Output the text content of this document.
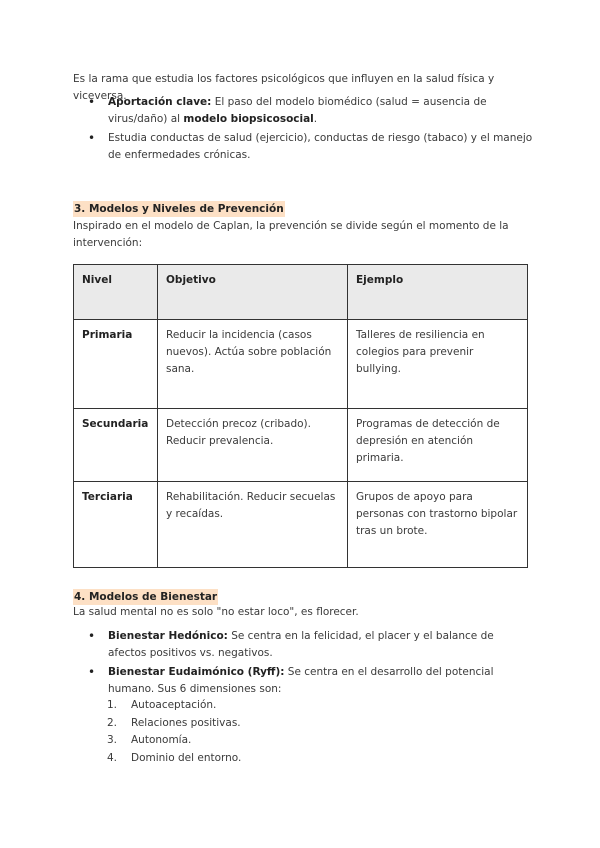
Es la rama que estudia los factores psicológicos que influyen en la salud física y viceversa.

• Aportación clave: El paso del modelo biomédico (salud = ausencia de virus/daño) al modelo biopsicosocial.
• Estudia conductas de salud (ejercicio), conductas de riesgo (tabaco) y el manejo de enfermedades crónicas.
3. Modelos y Niveles de Prevención

Inspirado en el modelo de Caplan, la prevención se divide según el momento de la intervención:

Nivel	Objetivo	Ejemplo
Primaria	Reducir la incidencia (casos nuevos). Actúa sobre población sana.	Talleres de resiliencia en colegios para prevenir bullying.
Secundaria	Detección precoz (cribado). Reducir prevalencia.	Programas de detección de depresión en atención primaria.
Terciaria	Rehabilitación. Reducir secuelas y recaídas.	Grupos de apoyo para personas con trastorno bipolar tras un brote.
4. Modelos de Bienestar

La salud mental no es solo "no estar loco", es florecer.

• Bienestar Hedónico: Se centra en la felicidad, el placer y el balance de afectos positivos vs. negativos.
• Bienestar Eudaimónico (Ryff): Se centra en el desarrollo del potencial humano. Sus 6 dimensiones son:
1. Autoaceptación.
2. Relaciones positivas.
3. Autonomía.
4. Dominio del entorno.
